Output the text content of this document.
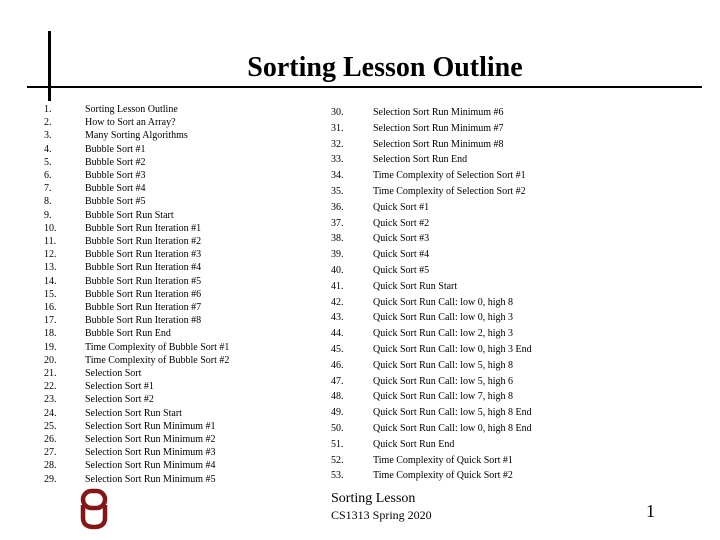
Sorting Lesson Outline
1.	Sorting Lesson Outline
2.	How to Sort an Array?
3.	Many Sorting Algorithms
4.	Bubble Sort #1
5.	Bubble Sort #2
6.	Bubble Sort #3
7.	Bubble Sort #4
8.	Bubble Sort #5
9.	Bubble Sort Run Start
10.	Bubble Sort Run Iteration #1
11.	Bubble Sort Run Iteration #2
12.	Bubble Sort Run Iteration #3
13.	Bubble Sort Run Iteration #4
14.	Bubble Sort Run Iteration #5
15.	Bubble Sort Run Iteration #6
16.	Bubble Sort Run Iteration #7
17.	Bubble Sort Run Iteration #8
18.	Bubble Sort Run End
19.	Time Complexity of Bubble Sort #1
20.	Time Complexity of Bubble Sort #2
21.	Selection Sort
22.	Selection Sort #1
23.	Selection Sort #2
24.	Selection Sort Run Start
25.	Selection Sort Run Minimum #1
26.	Selection Sort Run Minimum #2
27.	Selection Sort Run Minimum #3
28.	Selection Sort Run Minimum #4
29.	Selection Sort Run Minimum #5
30.	Selection Sort Run Minimum #6
31.	Selection Sort Run Minimum #7
32.	Selection Sort Run Minimum #8
33.	Selection Sort Run End
34.	Time Complexity of Selection Sort #1
35.	Time Complexity of Selection Sort #2
36.	Quick Sort #1
37.	Quick Sort #2
38.	Quick Sort #3
39.	Quick Sort #4
40.	Quick Sort #5
41.	Quick Sort Run Start
42.	Quick Sort Run Call: low 0, high 8
43.	Quick Sort Run Call: low 0, high 3
44.	Quick Sort Run Call: low 2, high 3
45.	Quick Sort Run Call: low 0, high 3 End
46.	Quick Sort Run Call: low 5, high 8
47.	Quick Sort Run Call: low 5, high 6
48.	Quick Sort Run Call: low 7, high 8
49.	Quick Sort Run Call: low 5, high 8 End
50.	Quick Sort Run Call: low 0, high 8 End
51.	Quick Sort Run End
52.	Time Complexity of Quick Sort #1
53.	Time Complexity of Quick Sort #2
Sorting Lesson
CS1313 Spring 2020	1
